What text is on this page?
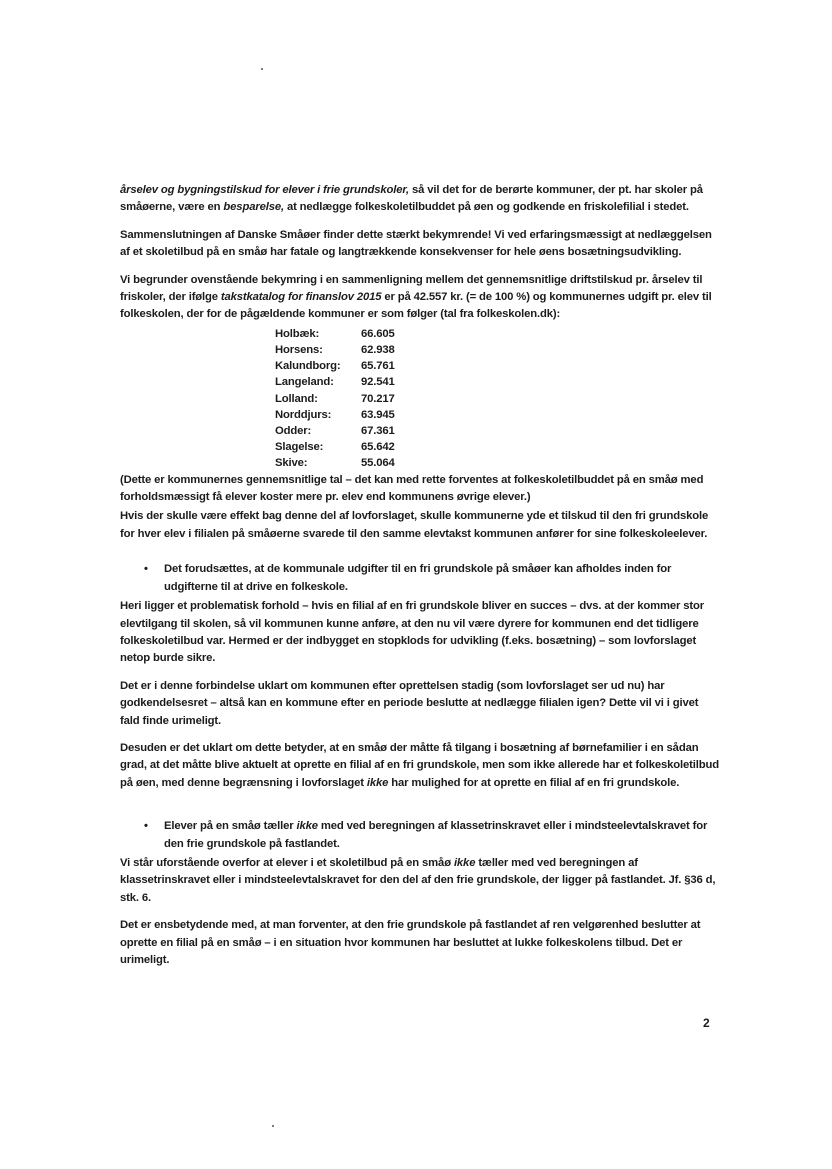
årselev og bygningstilskud for elever i frie grundskoler, så vil det for de berørte kommuner, der pt. har skoler på småøerne, være en besparelse, at nedlægge folkeskoletilbuddet på øen og godkende en friskolefilial i stedet.

Sammenslutningen af Danske Småøer finder dette stærkt bekymrende! Vi ved erfaringsmæssigt at nedlæggelsen af et skoletilbud på en småø har fatale og langtrækkende konsekvenser for hele øens bosætningsudvikling.

Vi begrunder ovenstående bekymring i en sammenligning mellem det gennemsnitlige driftstilskud pr. årselev til friskoler, der ifølge takstkatalog for finanslov 2015 er på 42.557 kr. (= de 100 %) og kommunernes udgift pr. elev til folkeskolen, der for de pågældende kommuner er som følger (tal fra folkeskolen.dk):

Holbæk:	66.605
Horsens:	62.938
Kalundborg:	65.761
Langeland:	92.541
Lolland:	70.217
Norddjurs:	63.945
Odder:	67.361
Slagelse:	65.642
Skive:	55.064

(Dette er kommunernes gennemsnitlige tal – det kan med rette forventes at folkeskoletilbuddet på en småø med forholdsmæssigt få elever koster mere pr. elev end kommunens øvrige elever.)

Hvis der skulle være effekt bag denne del af lovforslaget, skulle kommunerne yde et tilskud til den fri grundskole for hver elev i filialen på småøerne svarede til den samme elevtakst kommunen anfører for sine folkeskoleelever.

•	Det forudsættes, at de kommunale udgifter til en fri grundskole på småøer kan afholdes inden for udgifterne til at drive en folkeskole.

Heri ligger et problematisk forhold – hvis en filial af en fri grundskole bliver en succes – dvs. at der kommer stor elevtilgang til skolen, så vil kommunen kunne anføre, at den nu vil være dyrere for kommunen end det tidligere folkeskoletilbud var. Hermed er der indbygget en stopklods for udvikling (f.eks. bosætning) – som lovforslaget netop burde sikre.

Det er i denne forbindelse uklart om kommunen efter oprettelsen stadig (som lovforslaget ser ud nu) har godkendelsesret – altså kan en kommune efter en periode beslutte at nedlægge filialen igen? Dette vil vi i givet fald finde urimeligt.

Desuden er det uklart om dette betyder, at en småø der måtte få tilgang i bosætning af børnefamilier i en sådan grad, at det måtte blive aktuelt at oprette en filial af en fri grundskole, men som ikke allerede har et folkeskoletilbud på øen, med denne begrænsning i lovforslaget ikke har mulighed for at oprette en filial af en fri grundskole.

•	Elever på en småø tæller ikke med ved beregningen af klassetrinskravet eller i mindsteelevtalskravet for den frie grundskole på fastlandet.

Vi står uforstående overfor at elever i et skoletilbud på en småø ikke tæller med ved beregningen af klassetrinskravet eller i mindsteelevtalskravet for den del af den frie grundskole, der ligger på fastlandet. Jf. §36 d, stk. 6.

Det er ensbetydende med, at man forventer, at den frie grundskole på fastlandet af ren velgørenhed beslutter at oprette en filial på en småø – i en situation hvor kommunen har besluttet at lukke folkeskolens tilbud. Det er urimeligt.

2
